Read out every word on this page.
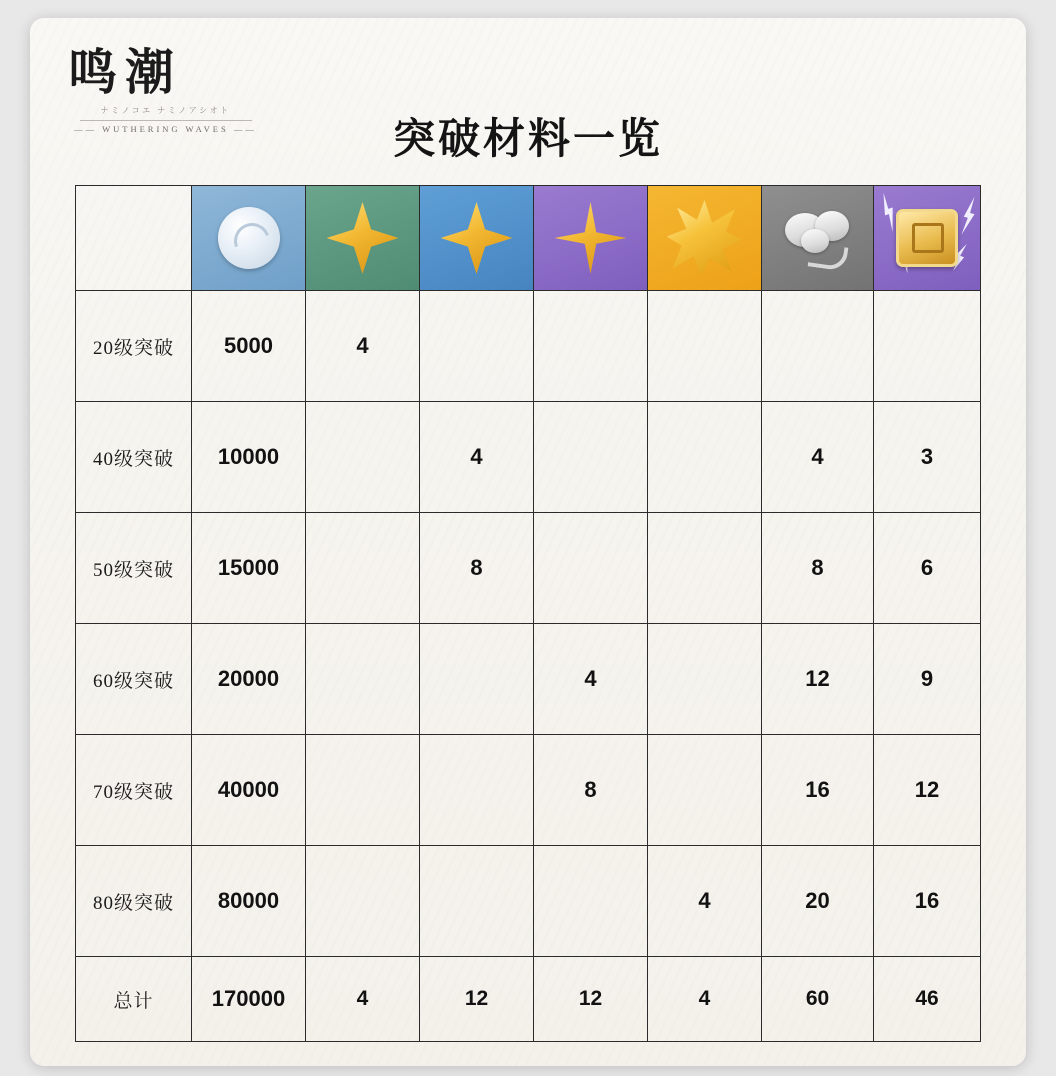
鸣潮
ナミノコエ ナミノアシオト
—— WUTHERING WAVES ——	突破材料一览

20级突破	5000	4					
40级突破	10000		4			4	3
50级突破	15000		8			8	6
60级突破	20000			4		12	9
70级突破	40000			8		16	12
80级突破	80000				4	20	16
总计	170000	4	12	12	4	60	46
